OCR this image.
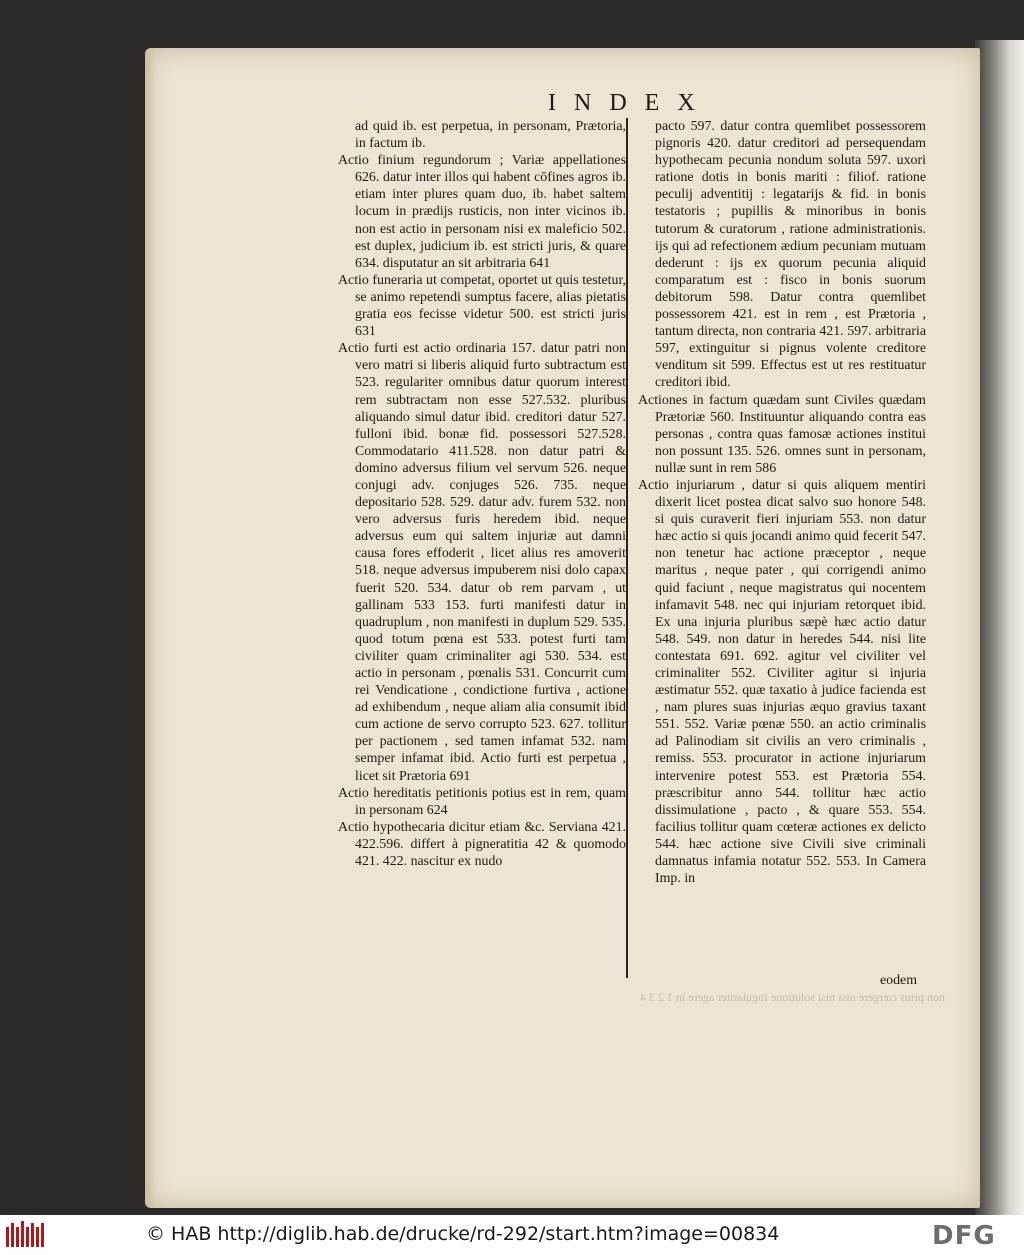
INDEX

ad quid ib. est perpetua, in personam, Prætoria, in factum ib.

Actio finium regundorum ; Variæ appellationes 626. datur inter illos qui habent cōfines agros ib. etiam inter plures quam duo, ib. habet saltem locum in prædijs rusticis, non inter vicinos ib. non est actio in personam nisi ex maleficio 502. est duplex, judicium ib. est stricti juris, & quare 634. disputatur an sit arbitraria 641

Actio funeraria ut competat, oportet ut quis testetur, se animo repetendi sumptus facere, alias pietatis gratia eos fecisse videtur 500. est stricti juris 631

Actio furti est actio ordinaria 157. datur patri non vero matri si liberis aliquid furto subtractum est 523. regulariter omnibus datur quorum interest rem subtractam non esse 527.532. pluribus aliquando simul datur ibid. creditori datur 527. fulloni ibid. bonæ fid. possessori 527.528. Commodatario 411.528. non datur patri & domino adversus filium vel servum 526. neque conjugi adv. conjuges 526. 735. neque depositario 528. 529. datur adv. furem 532. non vero adversus furis heredem ibid. neque adversus eum qui saltem injuriæ aut damni causa fores effoderit , licet alius res amoverit 518. neque adversus impuberem nisi dolo capax fuerit 520. 534. datur ob rem parvam , ut gallinam 533 153. furti manifesti datur in quadruplum , non manifesti in duplum 529. 535. quod totum pœna est 533. potest furti tam civiliter quam criminaliter agi 530. 534. est actio in personam , pœnalis 531. Concurrit cum rei Vendicatione , condictione furtiva , actione ad exhibendum , neque aliam alia consumit ibid cum actione de servo corrupto 523. 627. tollitur per pactionem , sed tamen infamat 532. nam semper infamat ibid. Actio furti est perpetua , licet sit Prætoria 691

Actio hereditatis petitionis potius est in rem, quam in personam 624

Actio hypothecaria dicitur etiam &c. Serviana 421. 422.596. differt à pigneratitia 42 & quomodo 421. 422. nascitur ex nudo

pacto 597. datur contra quemlibet possessorem pignoris 420. datur creditori ad persequendam hypothecam pecunia nondum soluta 597. uxori ratione dotis in bonis mariti : filiof. ratione peculij adventitij : legatarijs & fid. in bonis testatoris ; pupillis & minoribus in bonis tutorum & curatorum , ratione administrationis. ijs qui ad refectionem ædium pecuniam mutuam dederunt : ijs ex quorum pecunia aliquid comparatum est : fisco in bonis suorum debitorum 598. Datur contra quemlibet possessorem 421. est in rem , est Prætoria , tantum directa, non contraria 421. 597. arbitraria 597, extinguitur si pignus volente creditore venditum sit 599. Effectus est ut res restituatur creditori ibid.

Actiones in factum quædam sunt Civiles quædam Prætoriæ 560. Instituuntur aliquando contra eas personas , contra quas famosæ actiones institui non possunt 135. 526. omnes sunt in personam, nullæ sunt in rem 586

Actio injuriarum , datur si quis aliquem mentiri dixerit licet postea dicat salvo suo honore 548. si quis curaverit fieri injuriam 553. non datur hæc actio si quis jocandi animo quid fecerit 547. non tenetur hac actione præceptor , neque maritus , neque pater , qui corrigendi animo quid faciunt , neque magistratus qui nocentem infamavit 548. nec qui injuriam retorquet ibid. Ex una injuria pluribus sæpè hæc actio datur 548. 549. non datur in heredes 544. nisi lite contestata 691. 692. agitur vel civiliter vel criminaliter 552. Civiliter agitur si injuria æstimatur 552. quæ taxatio à judice facienda est , nam plures suas injurias æquo gravius taxant 551. 552. Variæ pœnæ 550. an actio criminalis ad Palinodiam sit civilis an vero criminalis , remiss. 553. procurator in actione injuriarum intervenire potest 553. est Prætoria 554. præscribitur anno 544. tollitur hæc actio dissimulatione , pacto , & quare 553. 554. facilius tollitur quam cœteræ actiones ex delicto 544. hæc actione sive Civili sive criminali damnatus infamia notatur 552. 553. In Camera Imp. in

eodem
non prius cœrgere nisi nisi solutione Ingulariter agere in 1 2 3 4
© HAB http://diglib.hab.de/drucke/rd-292/start.htm?image=00834	DFG
